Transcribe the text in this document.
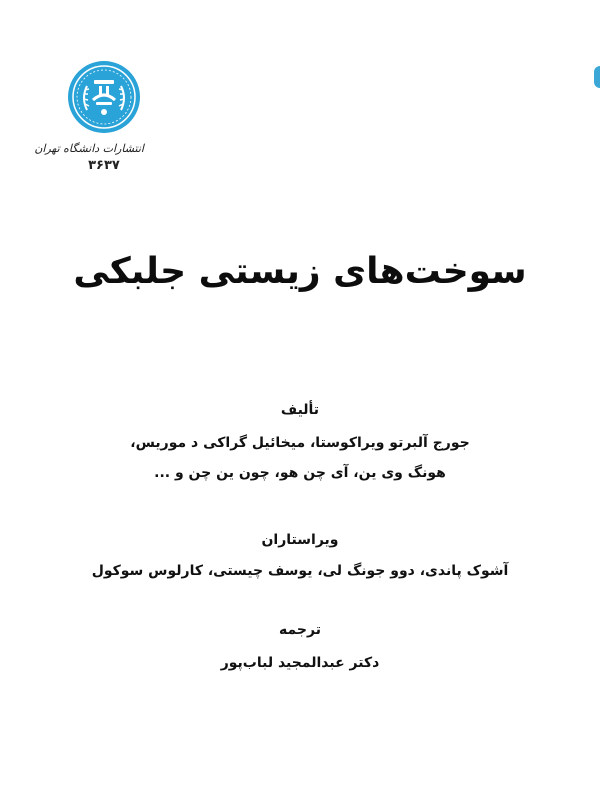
انتشارات دانشگاه تهران
۳۶۳۷
سوخت‌های زیستی جلبکی
تألیف
جورج آلبرتو ویراکوستا، میخائیل گراکی د موریس،
هونگ وی ین، آی چن هو، چون ین چن و ...
ویراستاران
آشوک پاندی، دوو جونگ لی، یوسف چیستی، کارلوس سوکول
ترجمه
دکتر عبدالمجید لباب‌پور
